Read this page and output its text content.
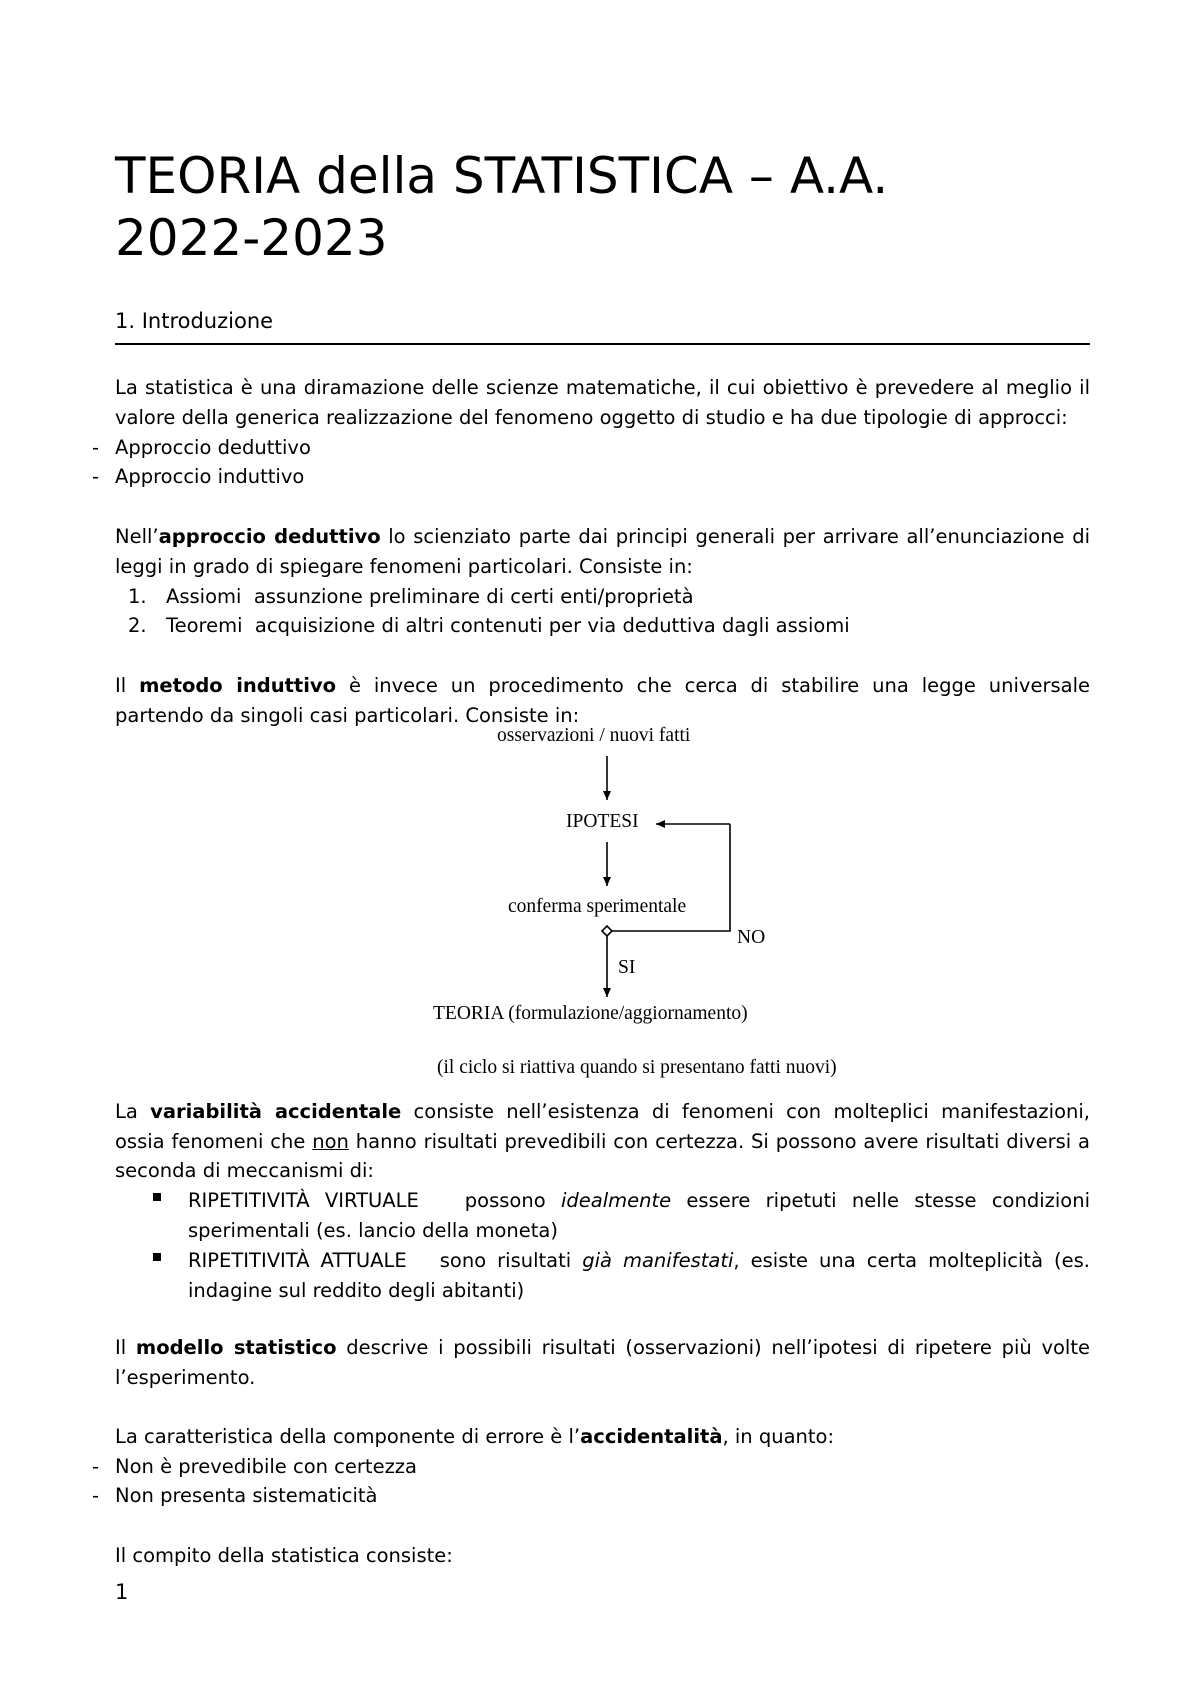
TEORIA della STATISTICA – A.A. 2022-2023
1. Introduzione
La statistica è una diramazione delle scienze matematiche, il cui obiettivo è prevedere al meglio il valore della generica realizzazione del fenomeno oggetto di studio e ha due tipologie di approcci:
- Approccio deduttivo
- Approccio induttivo
Nell’approccio deduttivo lo scienziato parte dai principi generali per arrivare all’enunciazione di leggi in grado di spiegare fenomeni particolari. Consiste in:
1. Assiomi  assunzione preliminare di certi enti/proprietà
2. Teoremi  acquisizione di altri contenuti per via deduttiva dagli assiomi
Il metodo induttivo è invece un procedimento che cerca di stabilire una legge universale partendo da singoli casi particolari. Consiste in:
osservazioni / nuovi fatti
IPOTESI
conferma sperimentale
NO
SI
TEORIA (formulazione/aggiornamento)
(il ciclo si riattiva quando si presentano fatti nuovi)
La variabilità accidentale consiste nell’esistenza di fenomeni con molteplici manifestazioni, ossia fenomeni che non hanno risultati prevedibili con certezza. Si possono avere risultati diversi a seconda di meccanismi di:
RIPETITIVITÀ VIRTUALE   possono idealmente essere ripetuti nelle stesse condizioni sperimentali (es. lancio della moneta)
RIPETITIVITÀ ATTUALE   sono risultati già manifestati, esiste una certa molteplicità (es. indagine sul reddito degli abitanti)
Il modello statistico descrive i possibili risultati (osservazioni) nell’ipotesi di ripetere più volte l’esperimento.
La caratteristica della componente di errore è l’accidentalità, in quanto:
- Non è prevedibile con certezza
- Non presenta sistematicità
Il compito della statistica consiste:
1
